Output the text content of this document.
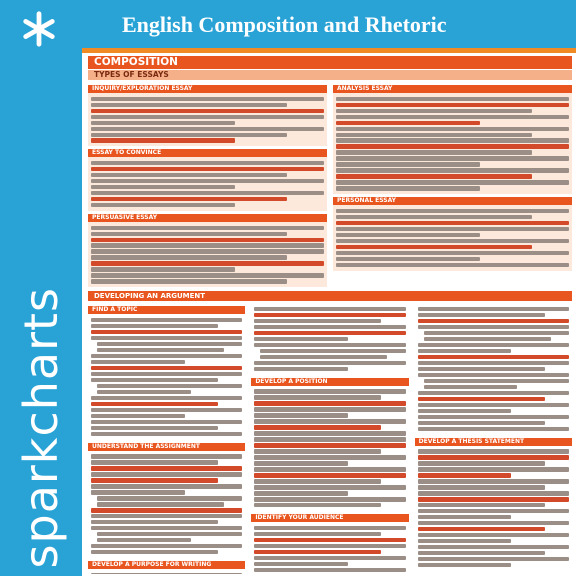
sparkcharts
English Composition and Rhetoric
COMPOSITION
TYPES OF ESSAYS
INQUIRY/EXPLORATION ESSAY
ESSAY TO CONVINCE
PERSUASIVE ESSAY
ANALYSIS ESSAY
PERSONAL ESSAY
DEVELOPING AN ARGUMENT
FIND A TOPIC
UNDERSTAND THE ASSIGNMENT
DEVELOP A PURPOSE FOR WRITING
DEVELOP A POSITION
IDENTIFY YOUR AUDIENCE
DEVELOP A THESIS STATEMENT
